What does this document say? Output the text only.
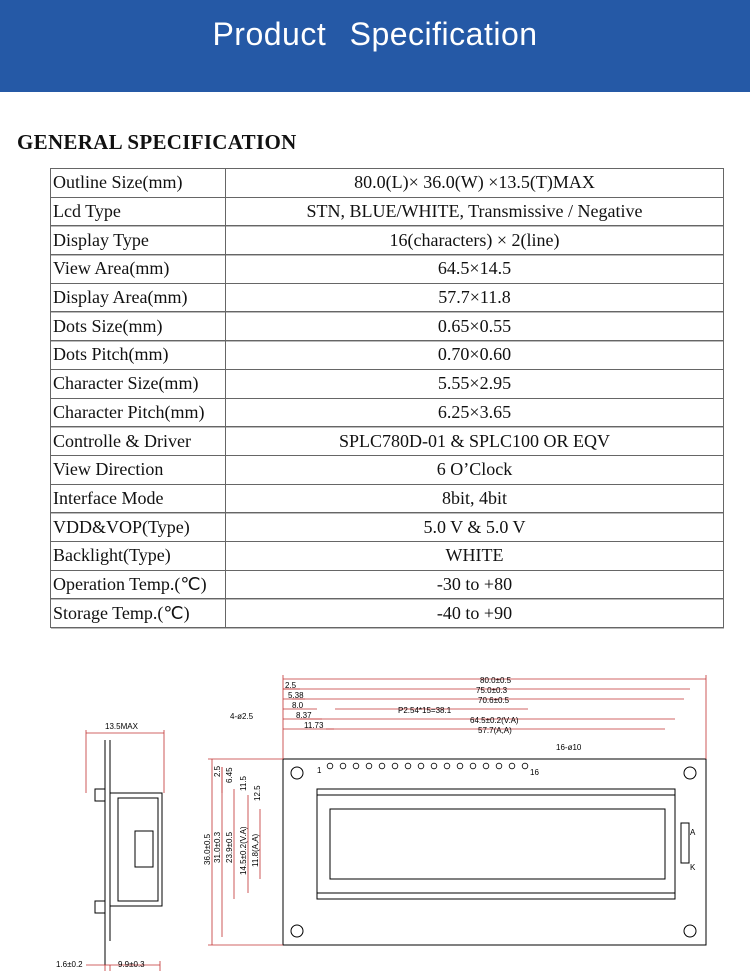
Product Specification
GENERAL SPECIFICATION
Outline Size(mm)	80.0(L)× 36.0(W) ×13.5(T)MAX
Lcd Type	STN, BLUE/WHITE, Transmissive / Negative
Display Type	16(characters) × 2(line)
View Area(mm)	64.5×14.5
Display Area(mm)	57.7×11.8
Dots Size(mm)	0.65×0.55
Dots Pitch(mm)	0.70×0.60
Character Size(mm)	5.55×2.95
Character Pitch(mm)	6.25×3.65
Controlle & Driver	SPLC780D-01 & SPLC100 OR EQV
View Direction	6 O’Clock
Interface Mode	8bit, 4bit
VDD&VOP(Type)	5.0 V & 5.0 V
Backlight(Type)	WHITE
Operation Temp.(℃)	-30 to +80
Storage Temp.(℃)	-40 to +90
13.5MAX
1.6±0.2	9.9±0.3
4-ø2.5
16-ø10
P2.54*15=38.1
1	16
80.0±0.5
75.0±0.3
70.6±0.5
64.5±0.2(V.A)
57.7(A,A)
2.5
5.38
8.0
8.37
11.73
A
K
36.0±0.5 31.0±0.3 23.9±0.5 14.5±0.2(V.A) 11.8(A,A)
2.5 6.45
11.5
12.5
